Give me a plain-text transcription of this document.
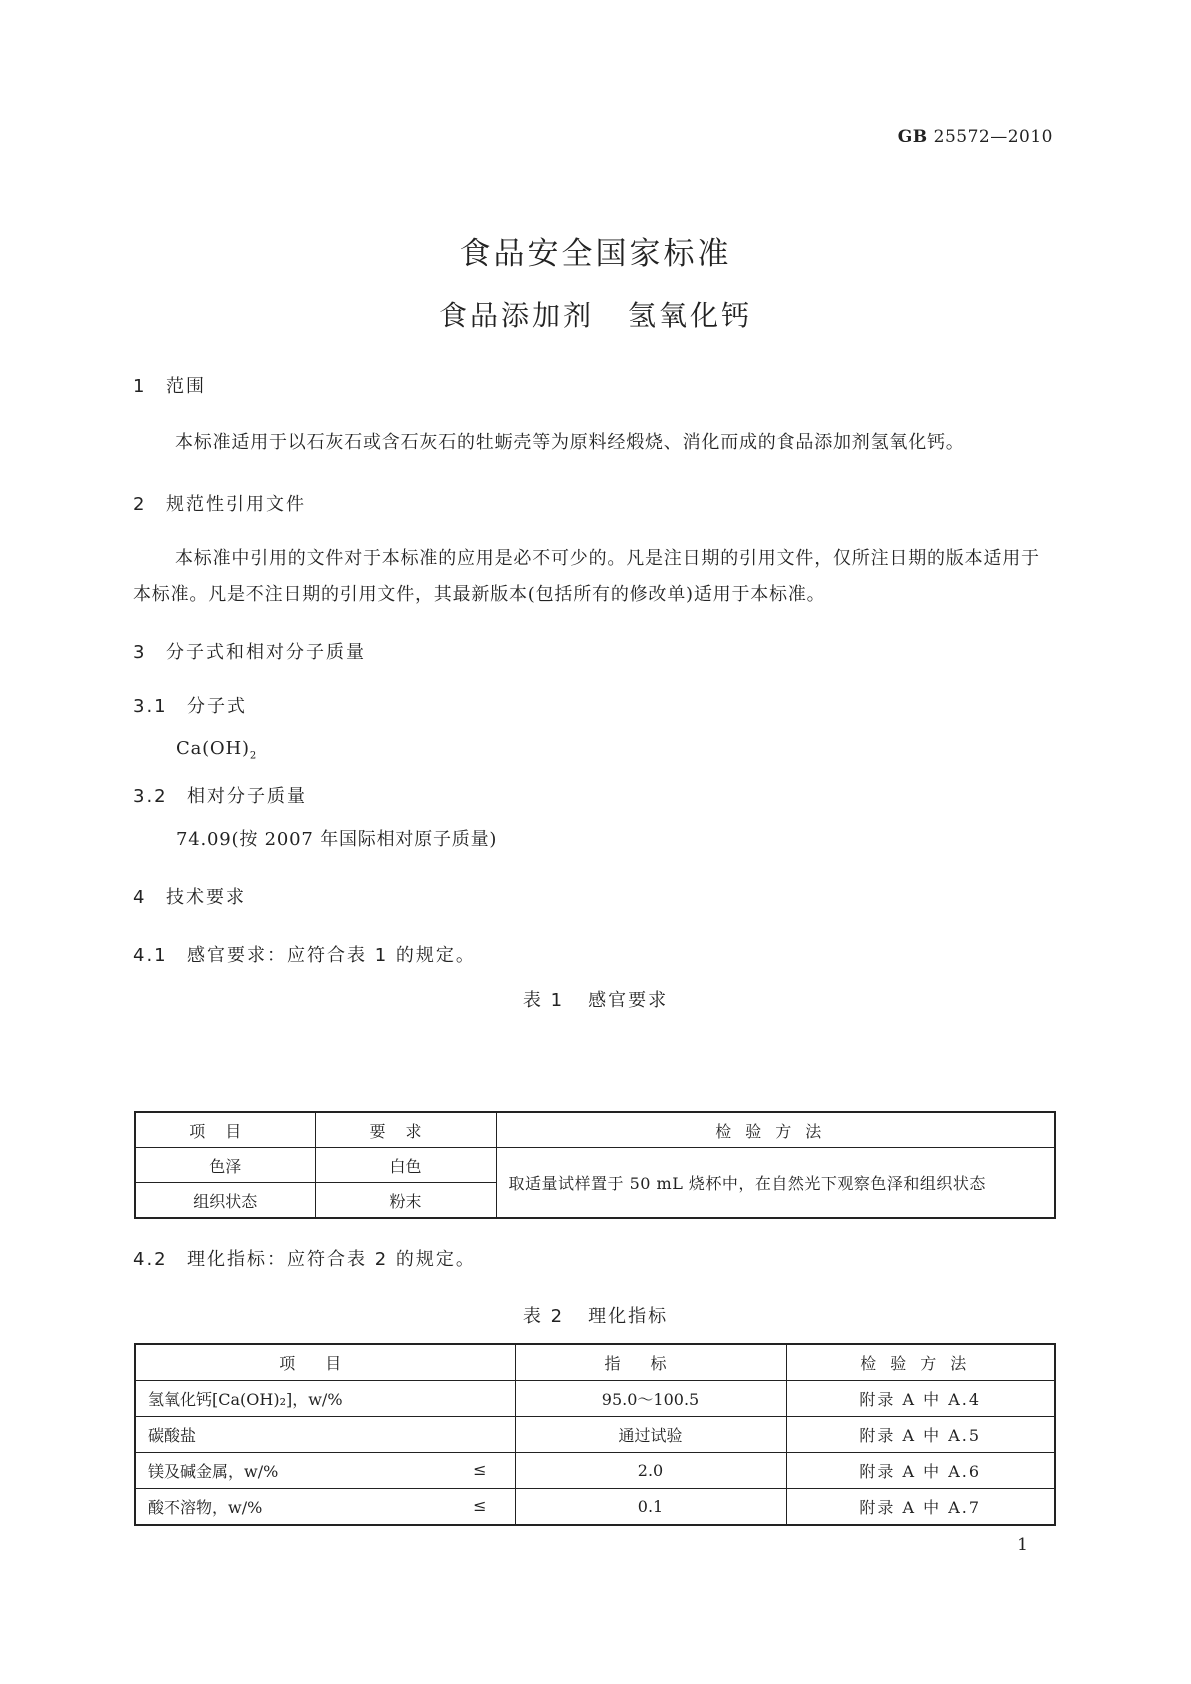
GB 25572—2010
食品安全国家标准
食品添加剂 氢氧化钙
1 范围

本标准适用于以石灰石或含石灰石的牡蛎壳等为原料经煅烧、消化而成的食品添加剂氢氧化钙。

2 规范性引用文件

本标准中引用的文件对于本标准的应用是必不可少的。凡是注日期的引用文件，仅所注日期的版本适用于本标准。凡是不注日期的引用文件，其最新版本(包括所有的修改单)适用于本标准。

3 分子式和相对分子质量
3.1 分子式
$Ca(OH)_2$
3.2 相对分子质量
74.09(按 2007 年国际相对原子质量)
4 技术要求
4.1 感官要求：应符合表 1 的规定。
表 1 感官要求
项目	要求	检验方法
色泽	白色	取适量试样置于 50 mL 烧杯中，在自然光下观察色泽和组织状态
组织状态	粉末	
4.2 理化指标：应符合表 2 的规定。
表 2 理化指标
项目	指标	检验方法
氢氧化钙[Ca(OH)₂]，w/%	95.0～100.5	附录 A 中 A.4
碳酸盐	通过试验	附录 A 中 A.5
镁及碱金属，w/% ≤	2.0	附录 A 中 A.6
酸不溶物，w/% ≤	0.1	附录 A 中 A.7
1
